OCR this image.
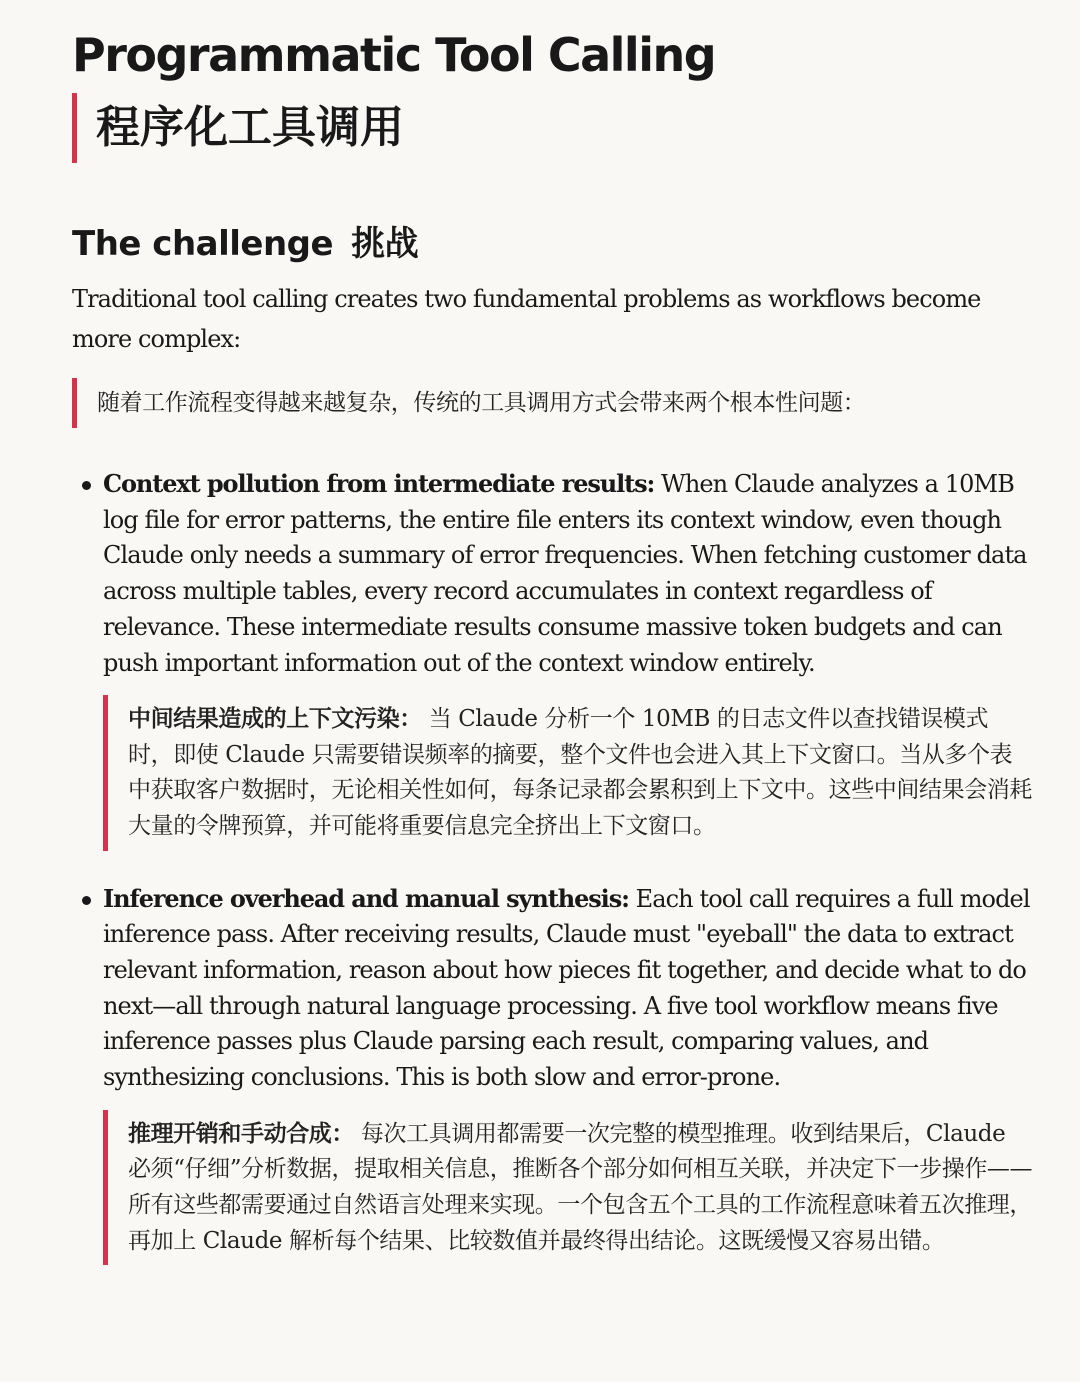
Programmatic Tool Calling
程序化工具调用
The challenge 挑战

Traditional tool calling creates two fundamental problems as workflows become more complex:

随着工作流程变得越来越复杂，传统的工具调用方式会带来两个根本性问题：
Context pollution from intermediate results: When Claude analyzes a 10MB log file for error patterns, the entire file enters its context window, even though Claude only needs a summary of error frequencies. When fetching customer data across multiple tables, every record accumulates in context regardless of relevance. These intermediate results consume massive token budgets and can push important information out of the context window entirely.
中间结果造成的上下文污染： 当 Claude 分析一个 10MB 的日志文件以查找错误模式时，即使 Claude 只需要错误频率的摘要，整个文件也会进入其上下文窗口。当从多个表中获取客户数据时，无论相关性如何，每条记录都会累积到上下文中。这些中间结果会消耗大量的令牌预算，并可能将重要信息完全挤出上下文窗口。
Inference overhead and manual synthesis: Each tool call requires a full model inference pass. After receiving results, Claude must "eyeball" the data to extract relevant information, reason about how pieces fit together, and decide what to do next—all through natural language processing. A five tool workflow means five inference passes plus Claude parsing each result, comparing values, and synthesizing conclusions. This is both slow and error-prone.
推理开销和手动合成： 每次工具调用都需要一次完整的模型推理。收到结果后，Claude 必须“仔细”分析数据，提取相关信息，推断各个部分如何相互关联，并决定下一步操作——所有这些都需要通过自然语言处理来实现。一个包含五个工具的工作流程意味着五次推理，再加上 Claude 解析每个结果、比较数值并最终得出结论。这既缓慢又容易出错。
